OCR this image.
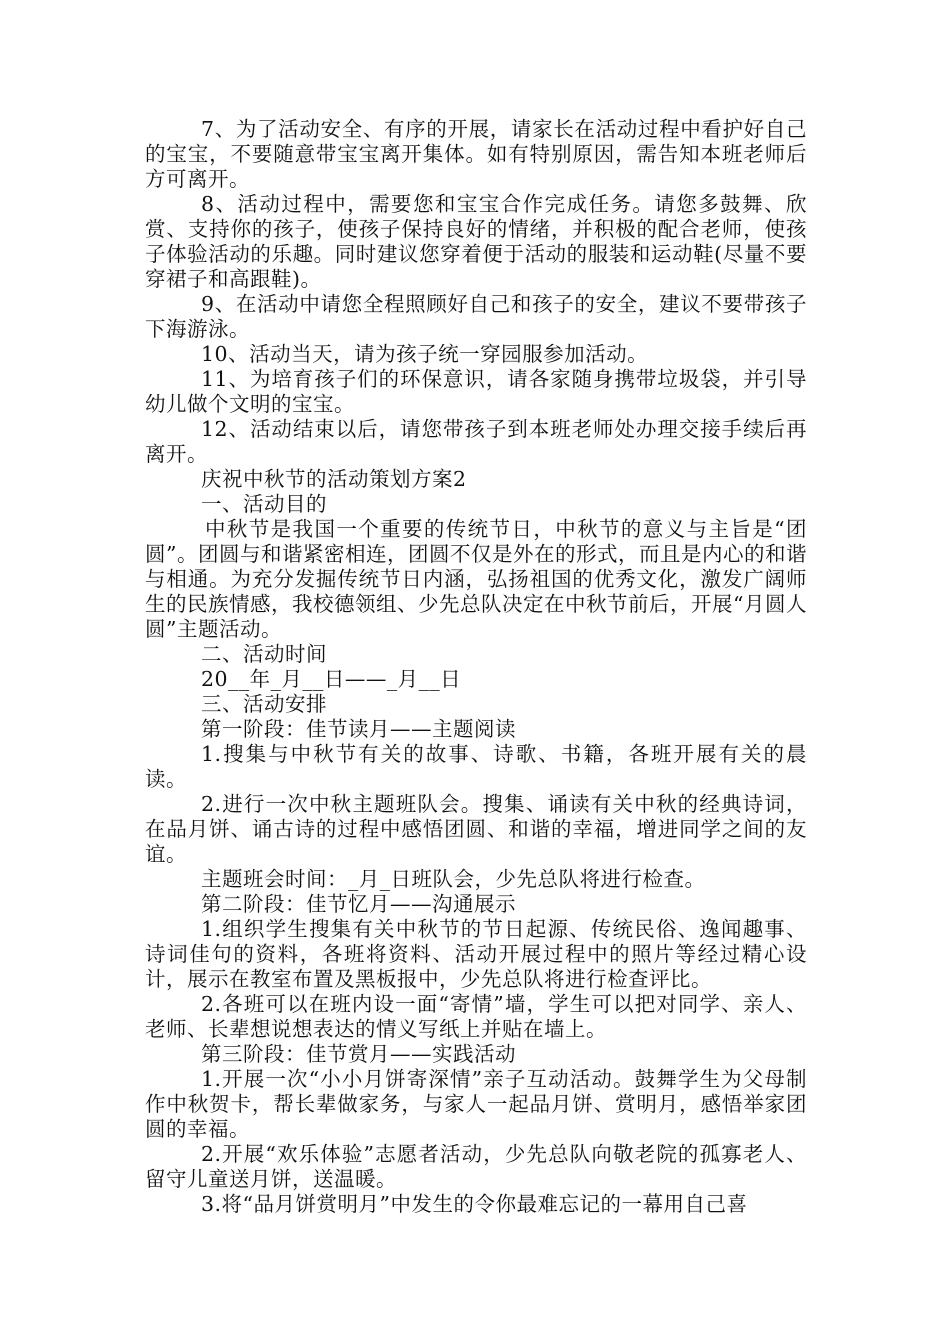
7、为了活动安全、有序的开展，请家长在活动过程中看护好自己的宝宝，不要随意带宝宝离开集体。如有特别原因，需告知本班老师后方可离开。

8、活动过程中，需要您和宝宝合作完成任务。请您多鼓舞、欣赏、支持你的孩子，使孩子保持良好的情绪，并积极的配合老师，使孩子体验活动的乐趣。同时建议您穿着便于活动的服装和运动鞋(尽量不要穿裙子和高跟鞋)。

9、在活动中请您全程照顾好自己和孩子的安全，建议不要带孩子下海游泳。

10、活动当天，请为孩子统一穿园服参加活动。

11、为培育孩子们的环保意识，请各家随身携带垃圾袋，并引导幼儿做个文明的宝宝。

12、活动结束以后，请您带孩子到本班老师处办理交接手续后再离开。

庆祝中秋节的活动策划方案2

一、活动目的

中秋节是我国一个重要的传统节日，中秋节的意义与主旨是“团圆”。团圆与和谐紧密相连，团圆不仅是外在的形式，而且是内心的和谐与相通。为充分发掘传统节日内涵，弘扬祖国的优秀文化，激发广阔师生的民族情感，我校德领组、少先总队决定在中秋节前后，开展“月圆人圆”主题活动。

二、活动时间

20__年_月__日——_月__日

三、活动安排

第一阶段：佳节读月——主题阅读

1.搜集与中秋节有关的故事、诗歌、书籍，各班开展有关的晨读。

2.进行一次中秋主题班队会。搜集、诵读有关中秋的经典诗词，在品月饼、诵古诗的过程中感悟团圆、和谐的幸福，增进同学之间的友谊。

主题班会时间：_月_日班队会，少先总队将进行检查。

第二阶段：佳节忆月——沟通展示

1.组织学生搜集有关中秋节的节日起源、传统民俗、逸闻趣事、诗词佳句的资料，各班将资料、活动开展过程中的照片等经过精心设计，展示在教室布置及黑板报中，少先总队将进行检查评比。

2.各班可以在班内设一面“寄情”墙，学生可以把对同学、亲人、老师、长辈想说想表达的情义写纸上并贴在墙上。

第三阶段：佳节赏月——实践活动

1.开展一次“小小月饼寄深情”亲子互动活动。鼓舞学生为父母制作中秋贺卡，帮长辈做家务，与家人一起品月饼、赏明月，感悟举家团圆的幸福。

2.开展“欢乐体验”志愿者活动，少先总队向敬老院的孤寡老人、留守儿童送月饼，送温暖。

3.将“品月饼赏明月”中发生的令你最难忘记的一幕用自己喜
